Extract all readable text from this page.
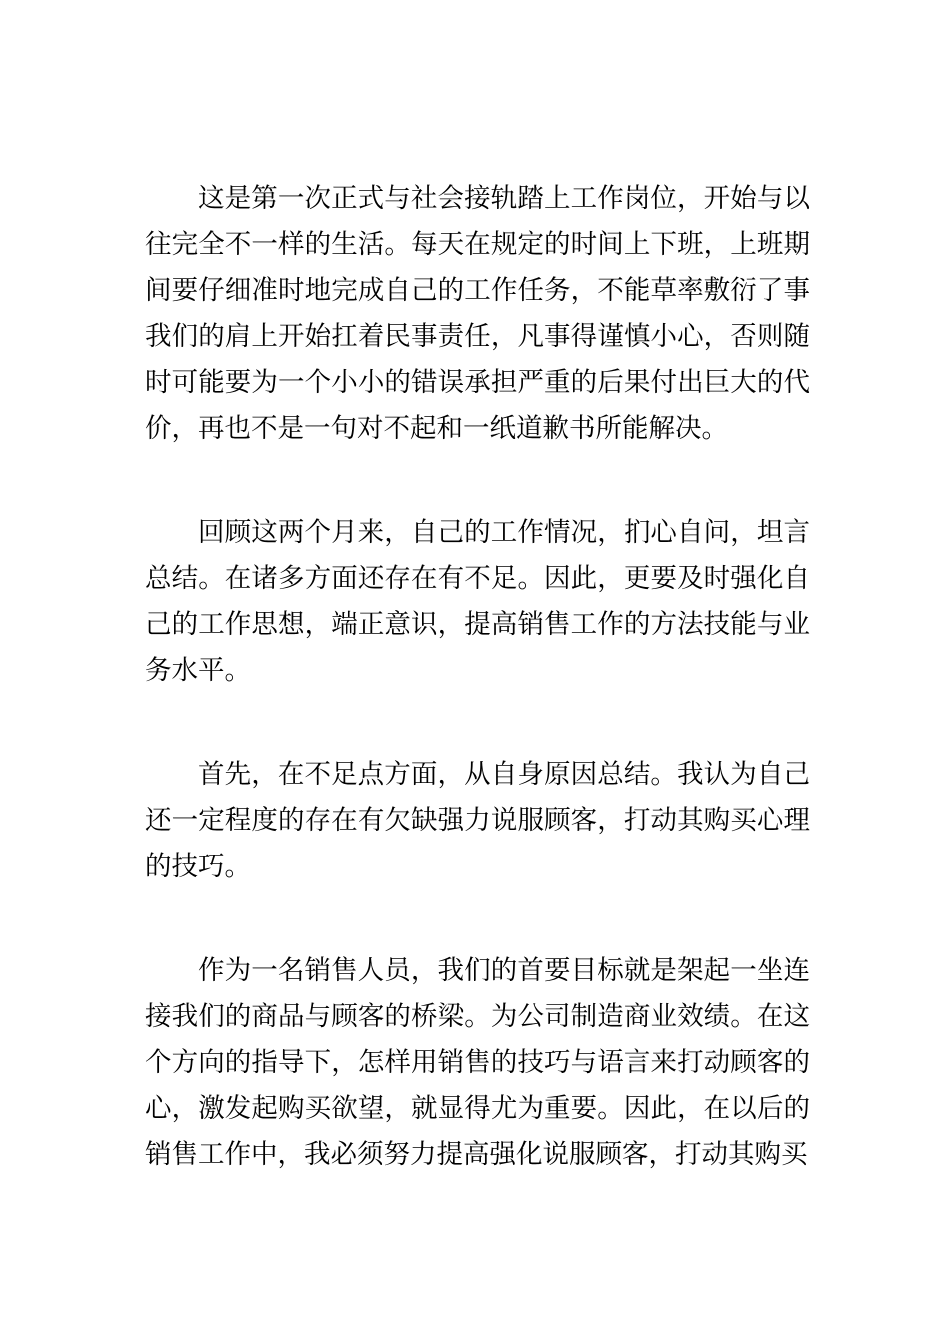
这是第一次正式与社会接轨踏上工作岗位，开始与以往完全不一样的生活。每天在规定的时间上下班，上班期间要仔细准时地完成自己的工作任务，不能草率敷衍了事我们的肩上开始扛着民事责任，凡事得谨慎小心，否则随时可能要为一个小小的错误承担严重的后果付出巨大的代价，再也不是一句对不起和一纸道歉书所能解决。

回顾这两个月来，自己的工作情况，扪心自问，坦言总结。在诸多方面还存在有不足。因此，更要及时强化自己的工作思想，端正意识，提高销售工作的方法技能与业务水平。

首先，在不足点方面，从自身原因总结。我认为自己还一定程度的存在有欠缺强力说服顾客，打动其购买心理的技巧。

作为一名销售人员，我们的首要目标就是架起一坐连接我们的商品与顾客的桥梁。为公司制造商业效绩。在这个方向的指导下，怎样用销售的技巧与语言来打动顾客的心，激发起购买欲望，就显得尤为重要。因此，在以后的销售工作中，我必须努力提高强化说服顾客，打动其购买
